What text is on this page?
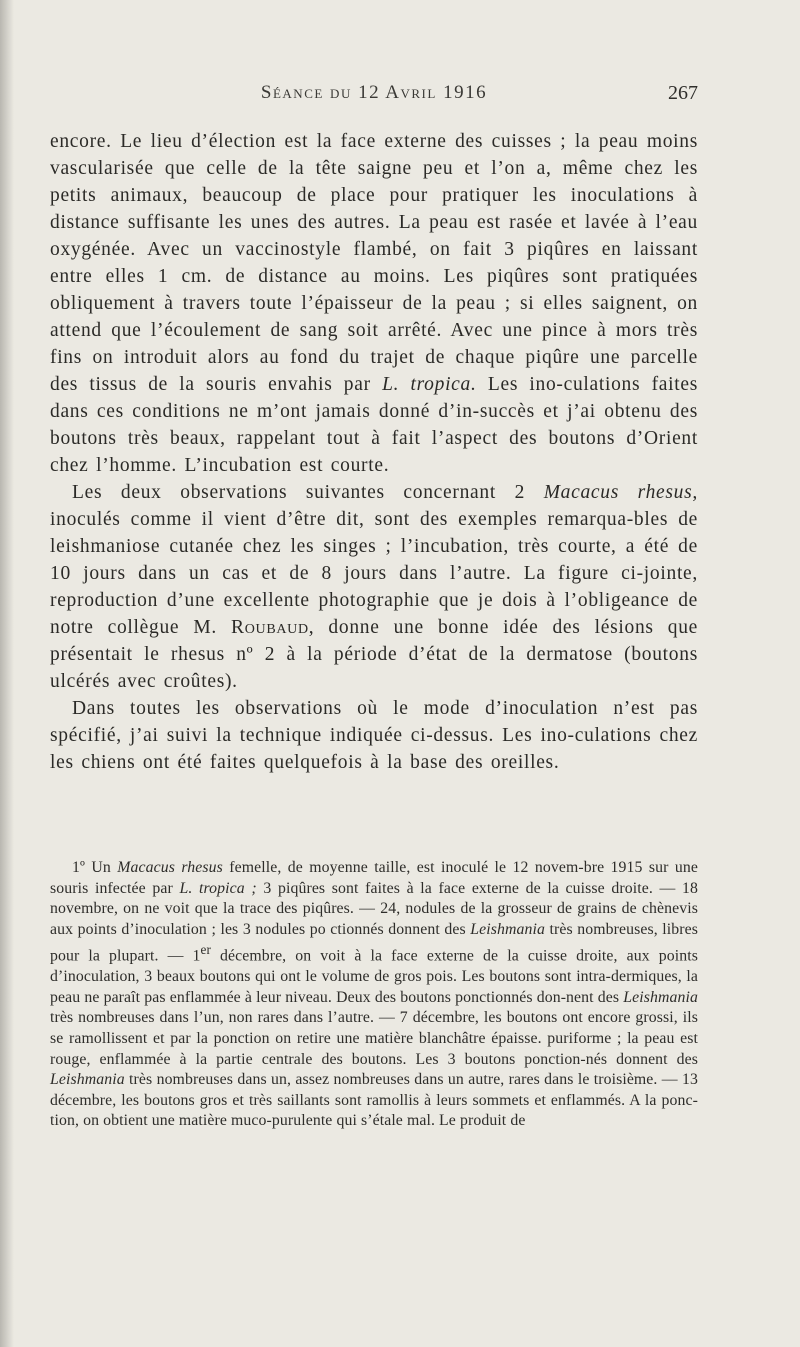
Séance du 12 Avril 1916	267

encore. Le lieu d’élection est la face externe des cuisses ; la peau moins vascularisée que celle de la tête saigne peu et l’on a, même chez les petits animaux, beaucoup de place pour pratiquer les inoculations à distance suffisante les unes des autres. La peau est rasée et lavée à l’eau oxygénée. Avec un vaccinostyle flambé, on fait 3 piqûres en laissant entre elles 1 cm. de distance au moins. Les piqûres sont pratiquées obliquement à travers toute l’épaisseur de la peau ; si elles saignent, on attend que l’écoulement de sang soit arrêté. Avec une pince à mors très fins on introduit alors au fond du trajet de chaque piqûre une parcelle des tissus de la souris envahis par L. tropica. Les ino-culations faites dans ces conditions ne m’ont jamais donné d’in-succès et j’ai obtenu des boutons très beaux, rappelant tout à fait l’aspect des boutons d’Orient chez l’homme. L’incubation est courte.

Les deux observations suivantes concernant 2 Macacus rhesus, inoculés comme il vient d’être dit, sont des exemples remarqua-bles de leishmaniose cutanée chez les singes ; l’incubation, très courte, a été de 10 jours dans un cas et de 8 jours dans l’autre. La figure ci-jointe, reproduction d’une excellente photographie que je dois à l’obligeance de notre collègue M. Roubaud, donne une bonne idée des lésions que présentait le rhesus nº 2 à la période d’état de la dermatose (boutons ulcérés avec croûtes).

Dans toutes les observations où le mode d’inoculation n’est pas spécifié, j’ai suivi la technique indiquée ci-dessus. Les ino-culations chez les chiens ont été faites quelquefois à la base des oreilles.

1º Un Macacus rhesus femelle, de moyenne taille, est inoculé le 12 novem-bre 1915 sur une souris infectée par L. tropica ; 3 piqûres sont faites à la face externe de la cuisse droite. — 18 novembre, on ne voit que la trace des piqûres. — 24, nodules de la grosseur de grains de chènevis aux points d’inoculation ; les 3 nodules po ctionnés donnent des Leishmania très nombreuses, libres pour la plupart. — 1er décembre, on voit à la face externe de la cuisse droite, aux points d’inoculation, 3 beaux boutons qui ont le volume de gros pois. Les boutons sont intra-dermiques, la peau ne paraît pas enflammée à leur niveau. Deux des boutons ponctionnés don-nent des Leishmania très nombreuses dans l’un, non rares dans l’autre. — 7 décembre, les boutons ont encore grossi, ils se ramollissent et par la ponction on retire une matière blanchâtre épaisse. puriforme ; la peau est rouge, enflammée à la partie centrale des boutons. Les 3 boutons ponction-nés donnent des Leishmania très nombreuses dans un, assez nombreuses dans un autre, rares dans le troisième. — 13 décembre, les boutons gros et très saillants sont ramollis à leurs sommets et enflammés. A la ponc-tion, on obtient une matière muco-purulente qui s’étale mal. Le produit de
